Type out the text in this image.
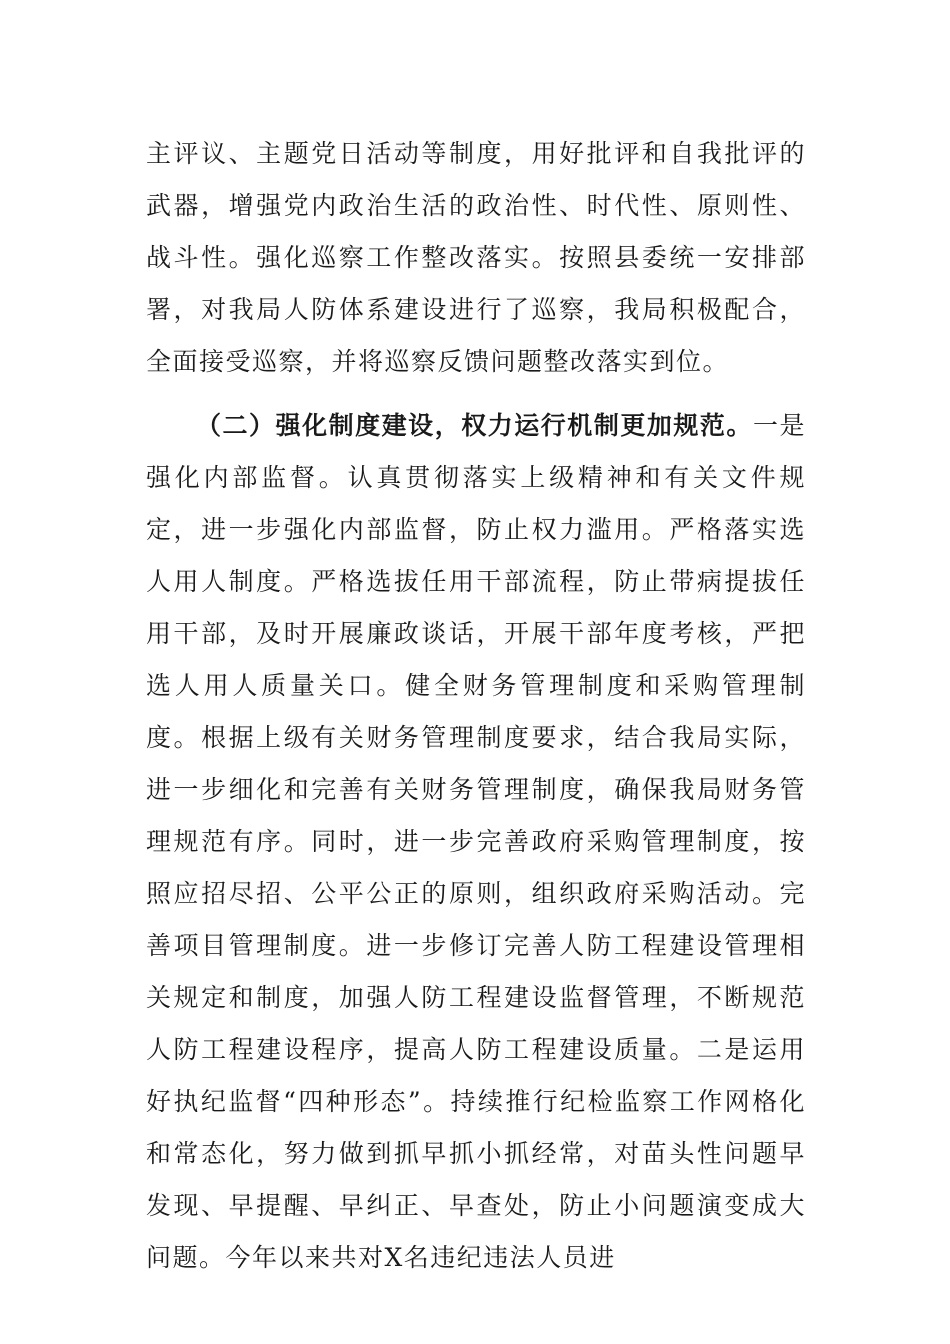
主评议、主题党日活动等制度，用好批评和自我批评的武器，增强党内政治生活的政治性、时代性、原则性、战斗性。强化巡察工作整改落实。按照县委统一安排部署，对我局人防体系建设进行了巡察，我局积极配合，全面接受巡察，并将巡察反馈问题整改落实到位。

（二）强化制度建设，权力运行机制更加规范。一是强化内部监督。认真贯彻落实上级精神和有关文件规定，进一步强化内部监督，防止权力滥用。严格落实选人用人制度。严格选拔任用干部流程，防止带病提拔任用干部，及时开展廉政谈话，开展干部年度考核，严把选人用人质量关口。健全财务管理制度和采购管理制度。根据上级有关财务管理制度要求，结合我局实际，进一步细化和完善有关财务管理制度，确保我局财务管理规范有序。同时，进一步完善政府采购管理制度，按照应招尽招、公平公正的原则，组织政府采购活动。完善项目管理制度。进一步修订完善人防工程建设管理相关规定和制度，加强人防工程建设监督管理，不断规范人防工程建设程序，提高人防工程建设质量。二是运用好执纪监督“四种形态”。持续推行纪检监察工作网格化和常态化，努力做到抓早抓小抓经常，对苗头性问题早发现、早提醒、早纠正、早查处，防止小问题演变成大问题。今年以来共对X名违纪违法人员进
